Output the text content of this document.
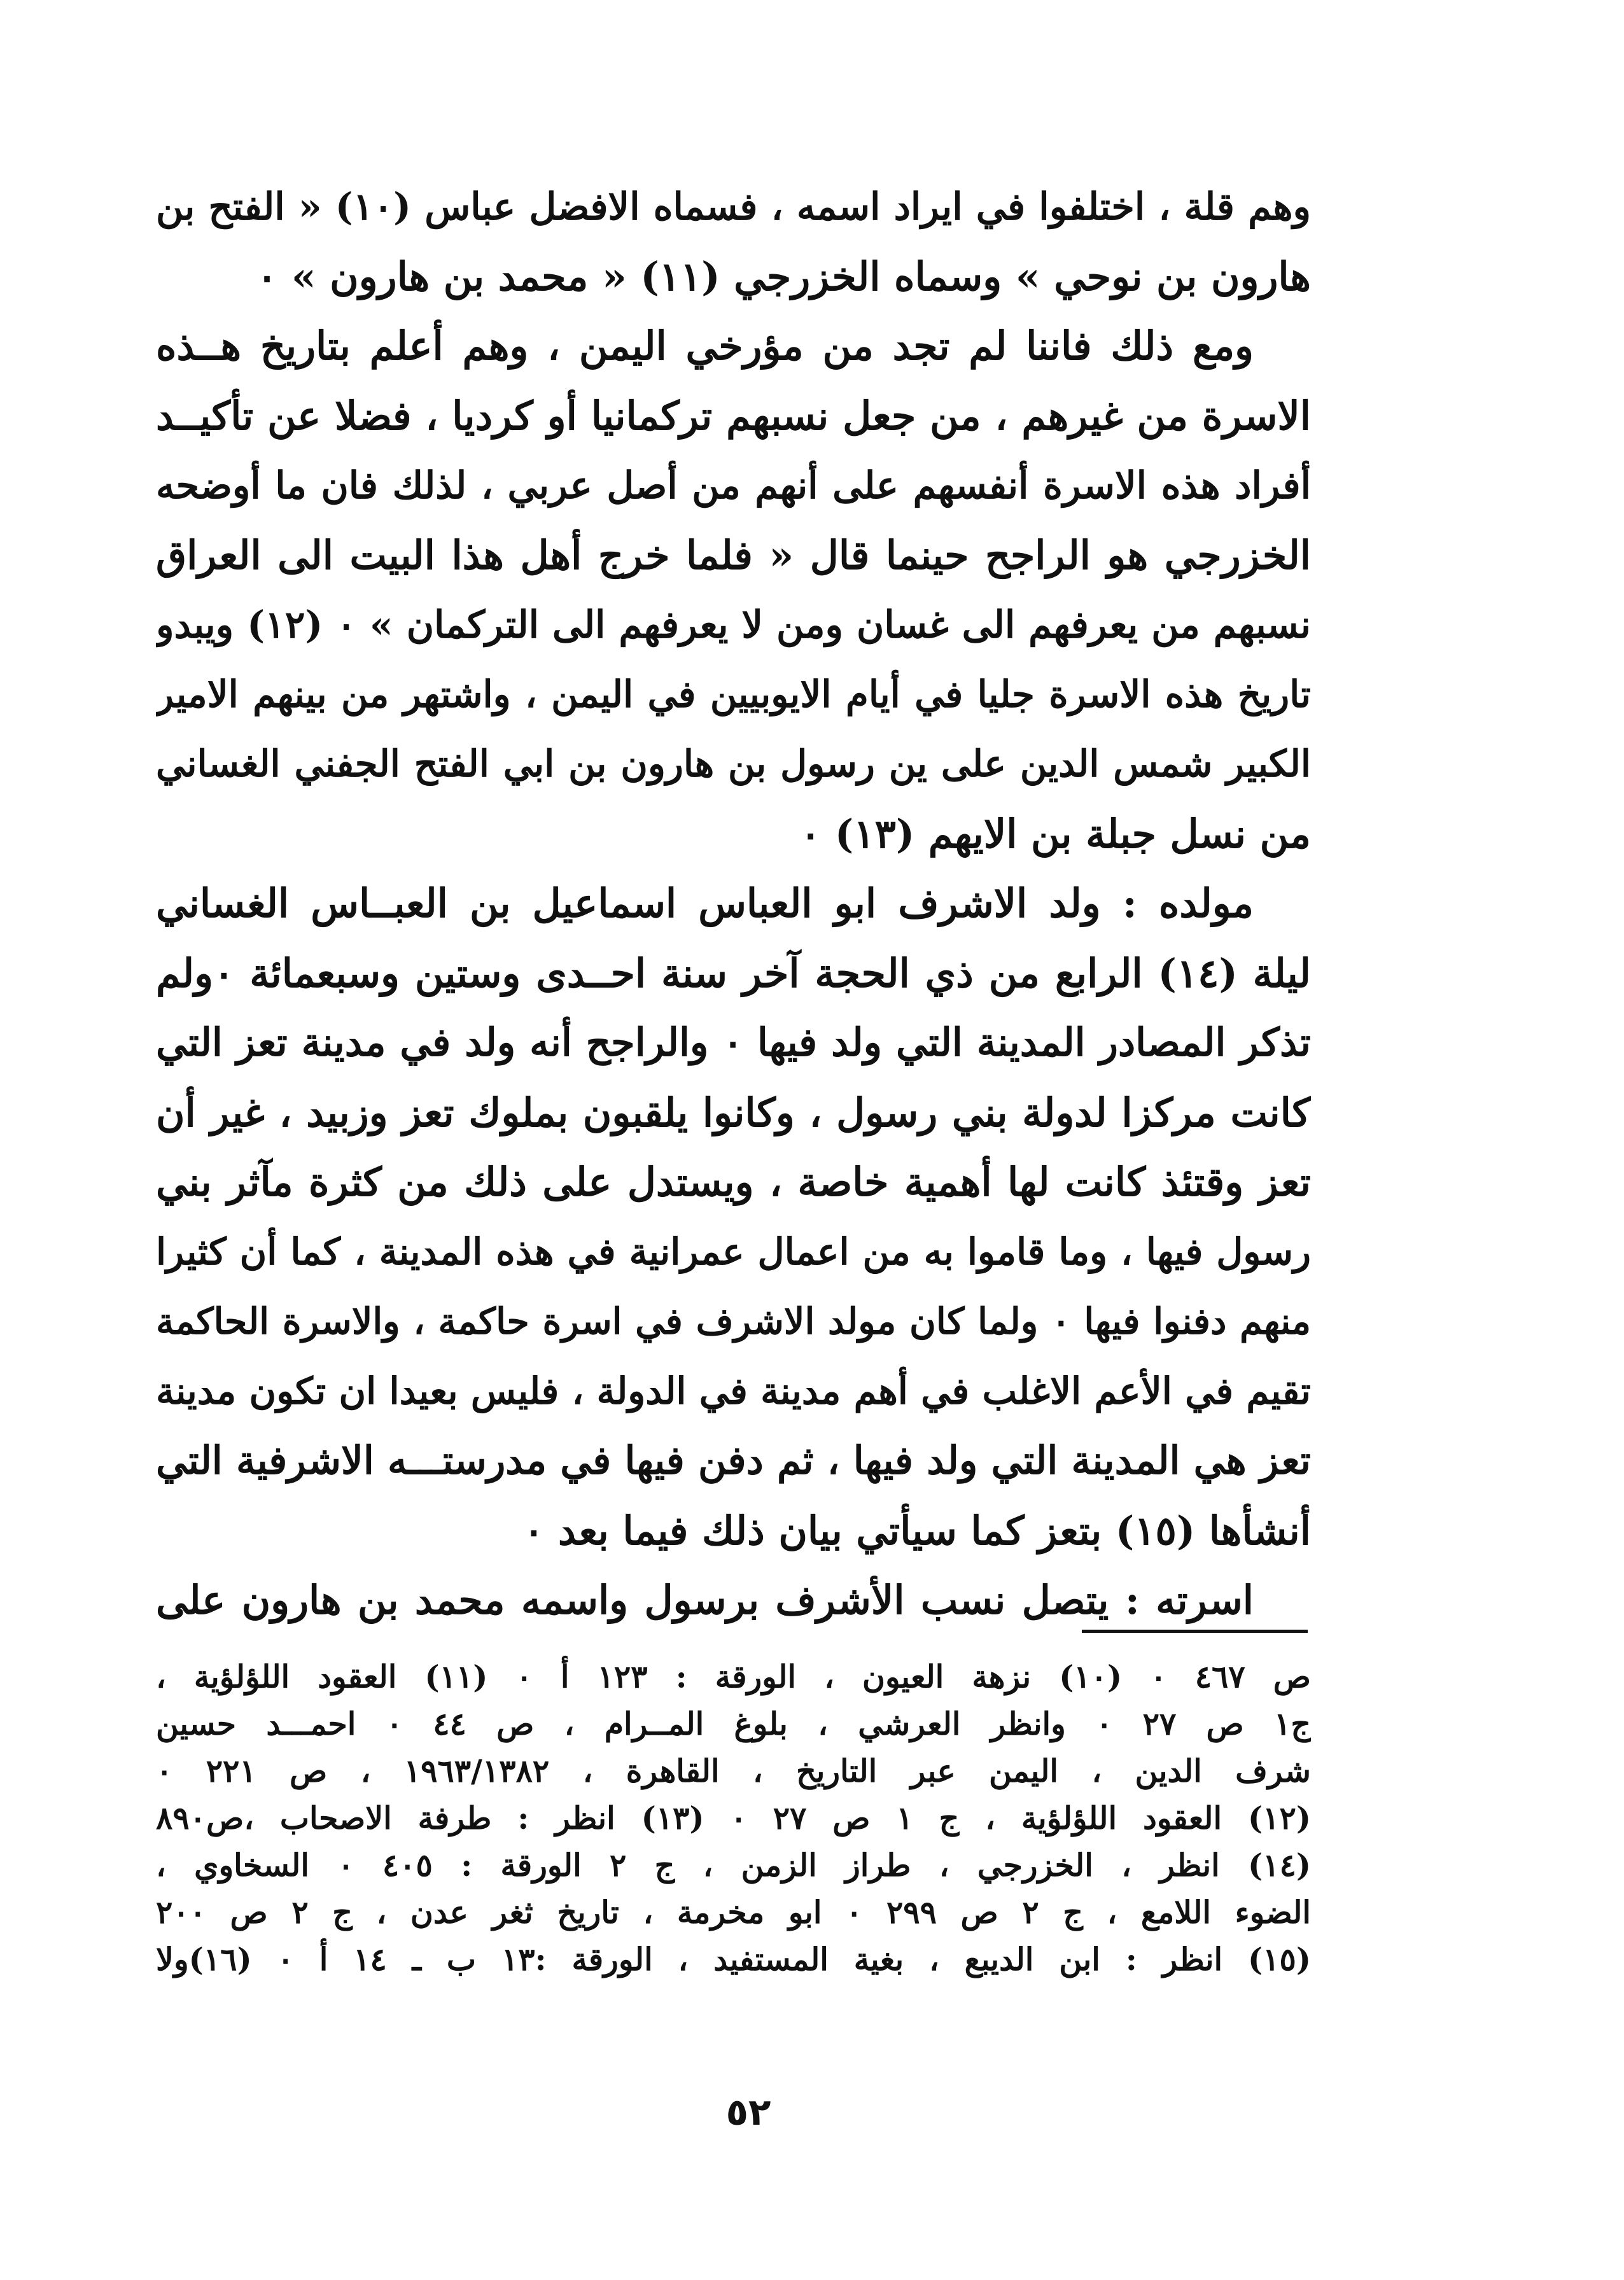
وهم قلة ، اختلفوا في ايراد اسمه ، فسماه الافضل عباس (١٠) « الفتح بن
هارون بن نوحي » وسماه الخزرجي (١١) « محمد بن هارون » ٠
ومع ذلك فاننا لم تجد من مؤرخي اليمن ، وهم أعلم بتاريخ هــذه
الاسرة من غيرهم ، من جعل نسبهم تركمانيا أو كرديا ، فضلا عن تأكيــد
أفراد هذه الاسرة أنفسهم على أنهم من أصل عربي ، لذلك فان ما أوضحه
الخزرجي هو الراجح حينما قال « فلما خرج أهل هذا البيت الى العراق
نسبهم من يعرفهم الى غسان ومن لا يعرفهم الى التركمان » ٠ (١٢) ويبدو
تاريخ هذه الاسرة جليا في أيام الايوبيين في اليمن ، واشتهر من بينهم الامير
الكبير شمس الدين على ين رسول بن هارون بن ابي الفتح الجفني الغساني
من نسل جبلة بن الايهم (١٣) ٠
مولده : ولد الاشرف ابو العباس اسماعيل بن العبــاس الغساني
ليلة (١٤) الرابع من ذي الحجة آخر سنة احــدى وستين وسبعمائة ٠ولم
تذكر المصادر المدينة التي ولد فيها ٠ والراجح أنه ولد في مدينة تعز التي
كانت مركزا لدولة بني رسول ، وكانوا يلقبون بملوك تعز وزبيد ، غير أن
تعز وقتئذ كانت لها أهمية خاصة ، ويستدل على ذلك من كثرة مآثر بني
رسول فيها ، وما قاموا به من اعمال عمرانية في هذه المدينة ، كما أن كثيرا
منهم دفنوا فيها ٠ ولما كان مولد الاشرف في اسرة حاكمة ، والاسرة الحاكمة
تقيم في الأعم الاغلب في أهم مدينة في الدولة ، فليس بعيدا ان تكون مدينة
تعز هي المدينة التي ولد فيها ، ثم دفن فيها في مدرستـــه الاشرفية التي
أنشأها (١٥) بتعز كما سيأتي بيان ذلك فيما بعد ٠
اسرته : يتصل نسب الأشرف برسول واسمه محمد بن هارون على
ص ٤٦٧ ٠ (١٠) نزهة العيون ، الورقة : ١٢٣ أ ٠ (١١) العقود اللؤلؤية ،
ج١ ص ٢٧ ٠ وانظر العرشي ، بلوغ المــرام ، ص ٤٤ ٠ احمـــد حسين
شرف الدين ، اليمن عبر التاريخ ، القاهرة ، ١٩٦٣/١٣٨٢ ، ص ٢٢١ ٠
(١٢) العقود اللؤلؤية ، ج ١ ص ٢٧ ٠ (١٣) انظر : طرفة الاصحاب ،ص٨٩٠
(١٤) انظر ، الخزرجي ، طراز الزمن ، ج ٢ الورقة : ٤٠٥ ٠ السخاوي ،
الضوء اللامع ، ج ٢ ص ٢٩٩ ٠ ابو مخرمة ، تاريخ ثغر عدن ، ج ٢ ص ٢٠٠
(١٥) انظر : ابن الديبع ، بغية المستفيد ، الورقة :١٣ ب ـ ١٤ أ ٠ (١٦)ولا
٥٢
